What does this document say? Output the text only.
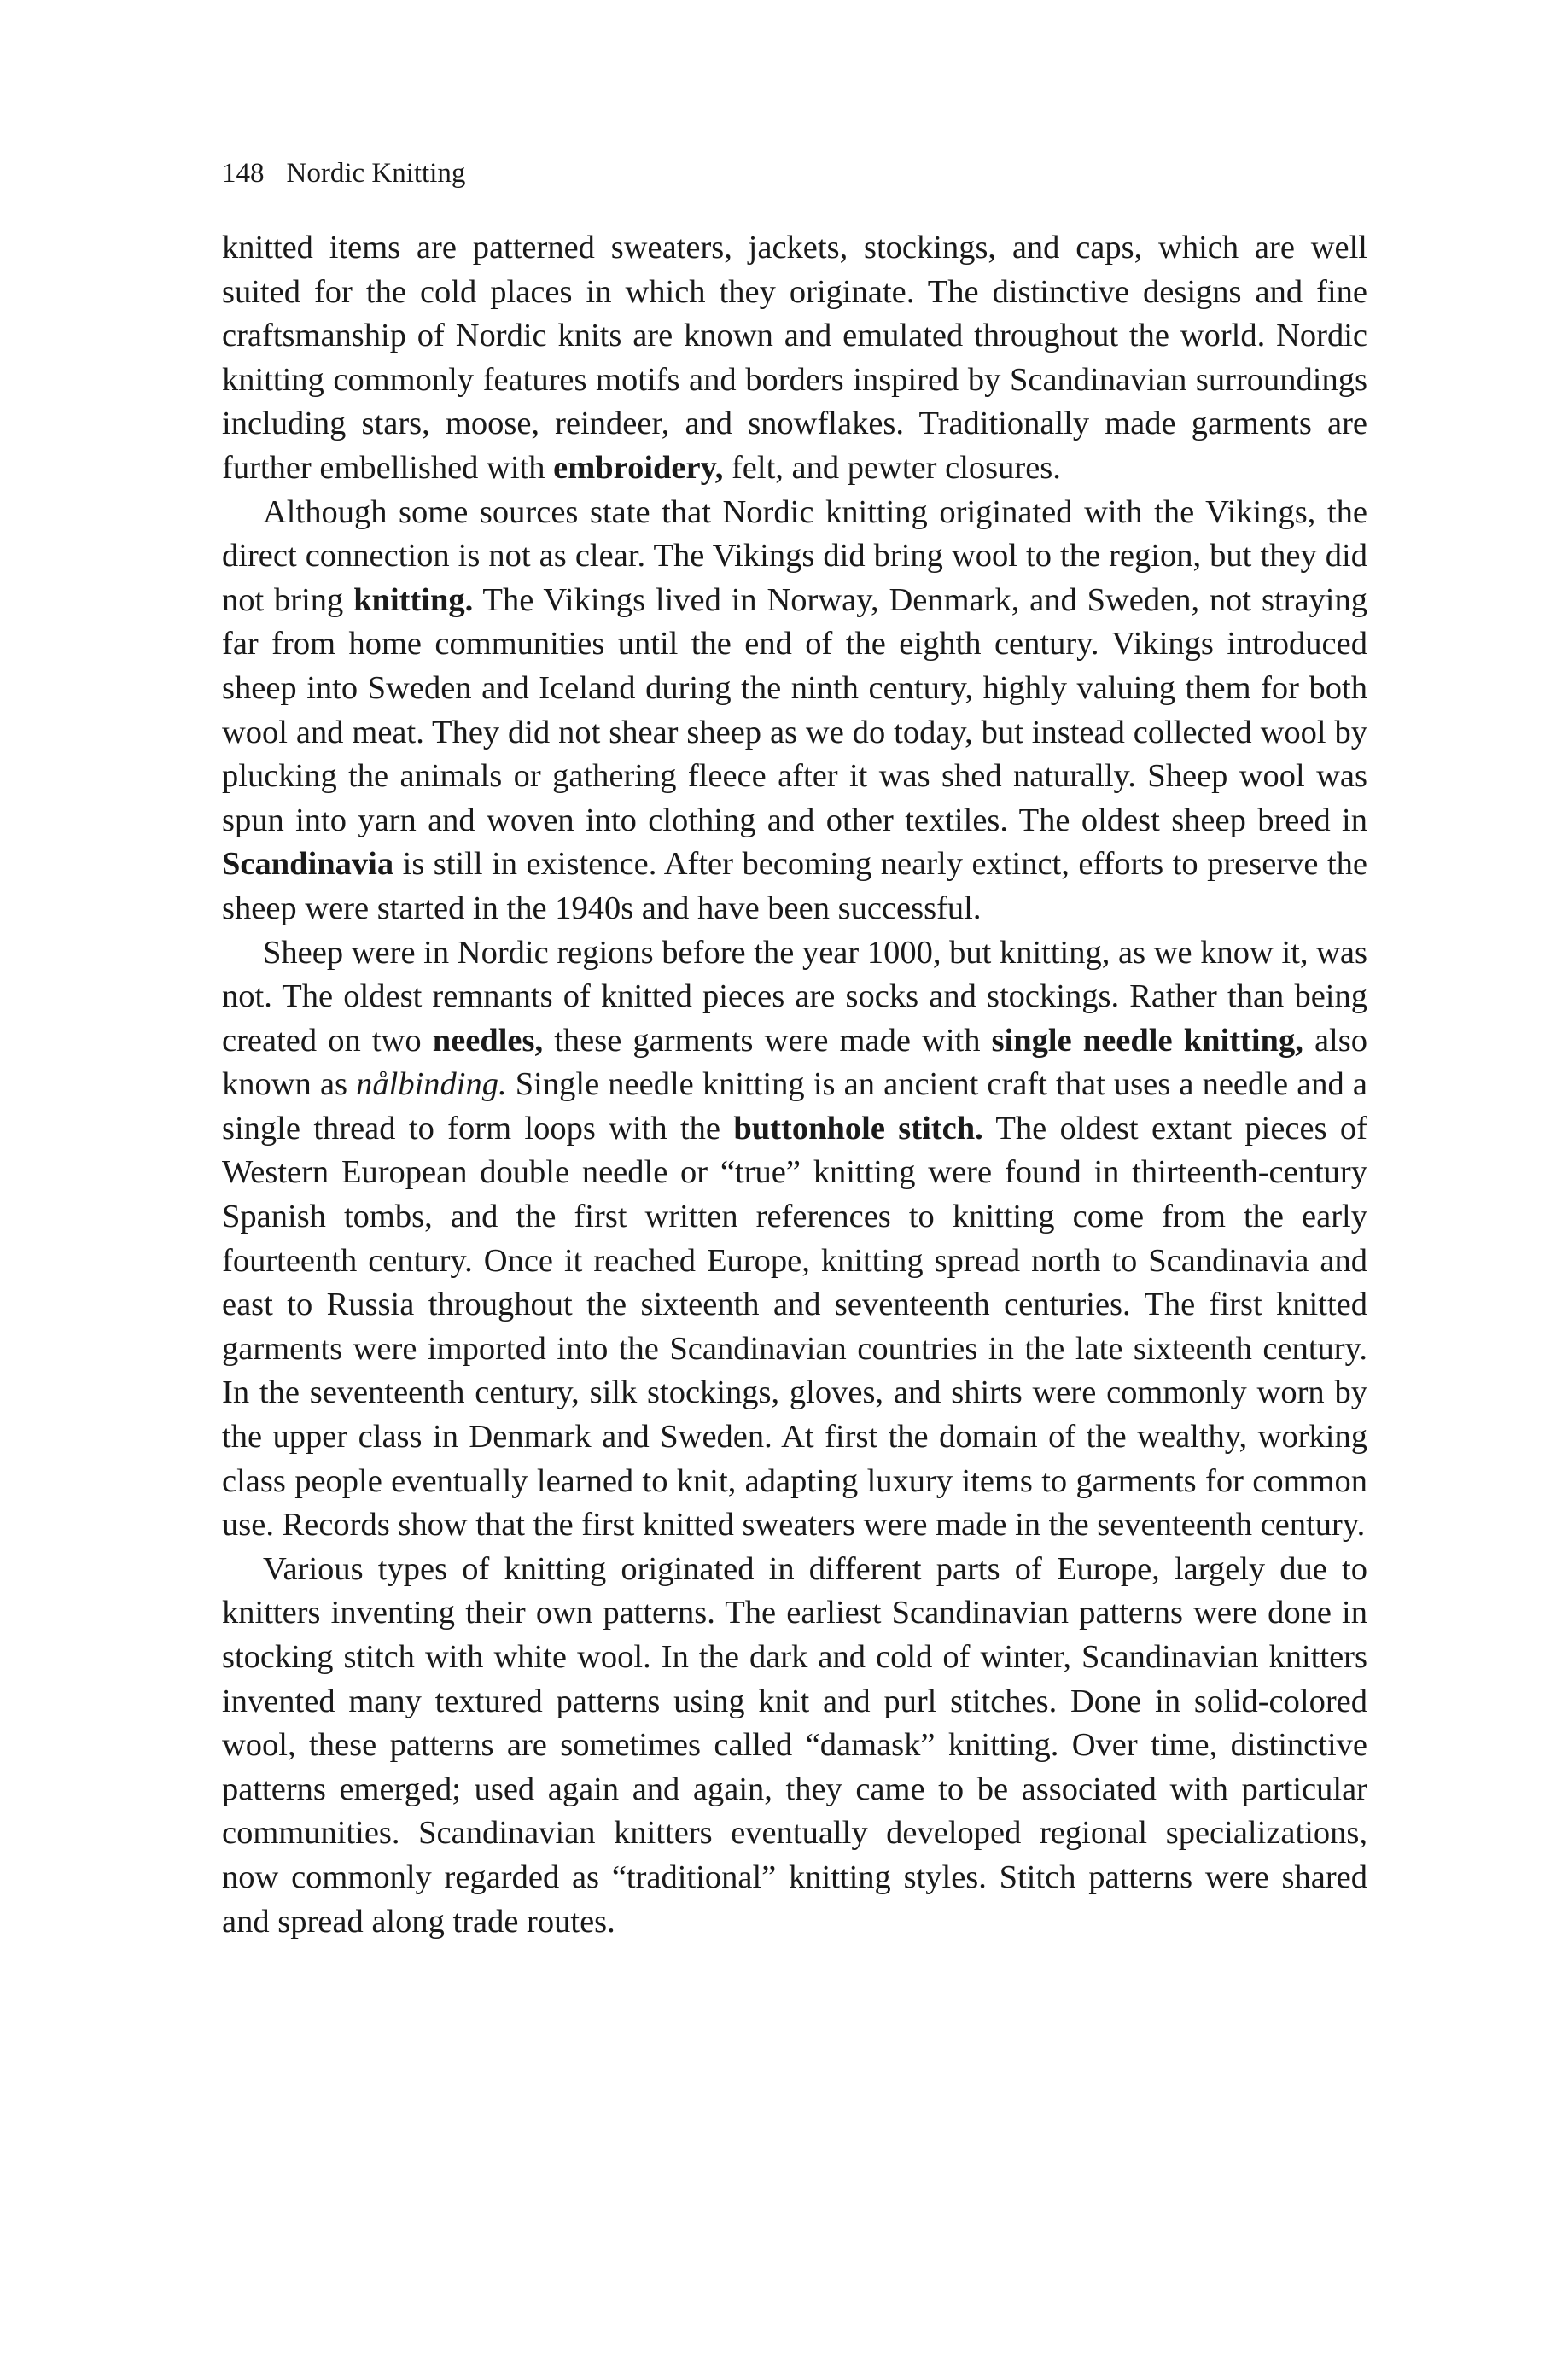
148 Nordic Knitting

knitted items are patterned sweaters, jackets, stockings, and caps, which are well suited for the cold places in which they originate. The distinctive designs and fine craftsmanship of Nordic knits are known and emulated throughout the world. Nordic knitting commonly features motifs and borders inspired by Scandinavian surroundings including stars, moose, reindeer, and snowflakes. Traditionally made garments are further embellished with embroidery, felt, and pewter closures.

Although some sources state that Nordic knitting originated with the Vikings, the direct connection is not as clear. The Vikings did bring wool to the region, but they did not bring knitting. The Vikings lived in Norway, Denmark, and Sweden, not straying far from home communities until the end of the eighth century. Vikings introduced sheep into Sweden and Iceland during the ninth century, highly valuing them for both wool and meat. They did not shear sheep as we do today, but instead collected wool by plucking the animals or gathering fleece after it was shed naturally. Sheep wool was spun into yarn and woven into clothing and other textiles. The oldest sheep breed in Scandinavia is still in existence. After becoming nearly extinct, efforts to preserve the sheep were started in the 1940s and have been successful.

Sheep were in Nordic regions before the year 1000, but knitting, as we know it, was not. The oldest remnants of knitted pieces are socks and stockings. Rather than being created on two needles, these garments were made with single needle knitting, also known as nålbinding. Single needle knitting is an ancient craft that uses a needle and a single thread to form loops with the buttonhole stitch. The oldest extant pieces of Western European double needle or “true” knitting were found in thirteenth-century Spanish tombs, and the first written references to knitting come from the early fourteenth century. Once it reached Europe, knitting spread north to Scandinavia and east to Russia throughout the sixteenth and seventeenth centuries. The first knitted garments were imported into the Scandinavian countries in the late sixteenth century. In the seventeenth century, silk stockings, gloves, and shirts were commonly worn by the upper class in Denmark and Sweden. At first the domain of the wealthy, working class people eventually learned to knit, adapting luxury items to garments for common use. Records show that the first knitted sweaters were made in the seventeenth century.

Various types of knitting originated in different parts of Europe, largely due to knitters inventing their own patterns. The earliest Scandinavian patterns were done in stocking stitch with white wool. In the dark and cold of winter, Scandinavian knitters invented many textured patterns using knit and purl stitches. Done in solid-colored wool, these patterns are sometimes called “damask” knitting. Over time, distinctive patterns emerged; used again and again, they came to be associated with particular communities. Scandinavian knitters eventually developed regional specializations, now commonly regarded as “traditional” knitting styles. Stitch patterns were shared and spread along trade routes.
